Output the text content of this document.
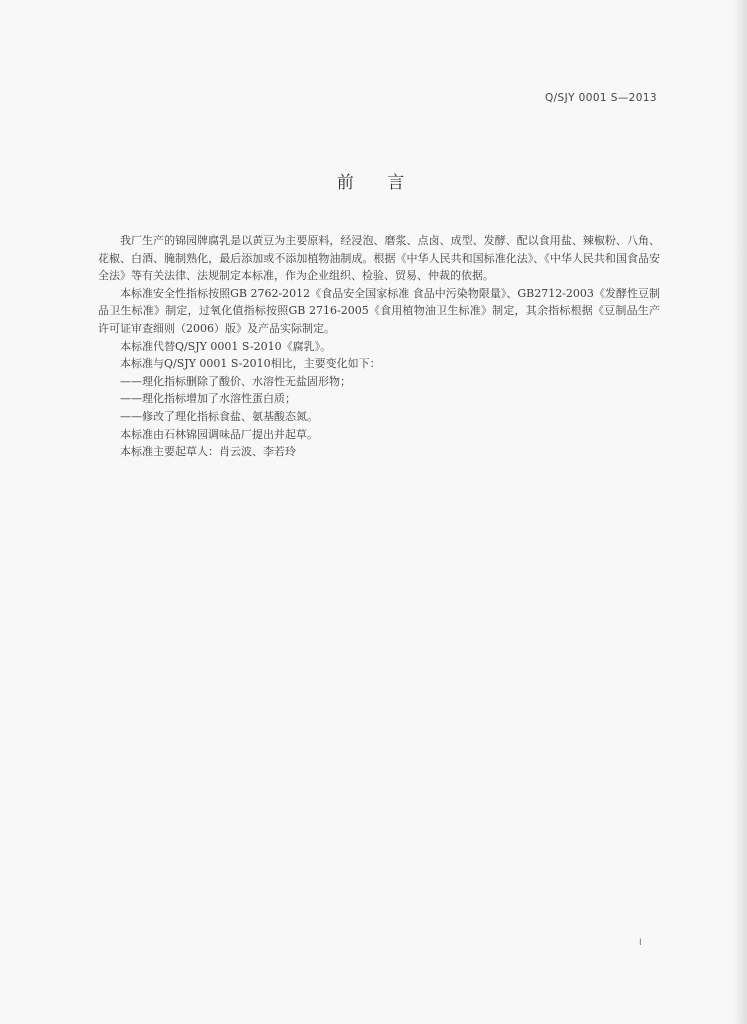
Q/SJY 0001 S—2013
前 言

我厂生产的锦园牌腐乳是以黄豆为主要原料，经浸泡、磨浆、点卤、成型、发酵、配以食用盐、辣椒粉、八角、花椒、白酒、腌制熟化，最后添加或不添加植物油制成。根据《中华人民共和国标准化法》、《中华人民共和国食品安全法》等有关法律、法规制定本标准，作为企业组织、检验、贸易、仲裁的依据。

本标准安全性指标按照GB 2762-2012《食品安全国家标准 食品中污染物限量》、GB2712-2003《发酵性豆制品卫生标准》制定，过氧化值指标按照GB 2716-2005《食用植物油卫生标准》制定，其余指标根据《豆制品生产许可证审查细则（2006）版》及产品实际制定。

本标准代替Q/SJY 0001 S-2010《腐乳》。

本标准与Q/SJY 0001 S-2010相比，主要变化如下：

——理化指标删除了酸价、水溶性无盐固形物；

——理化指标增加了水溶性蛋白质；

——修改了理化指标食盐、氨基酸态氮。

本标准由石林锦园调味品厂提出并起草。

本标准主要起草人：肖云波、李若玲

I
